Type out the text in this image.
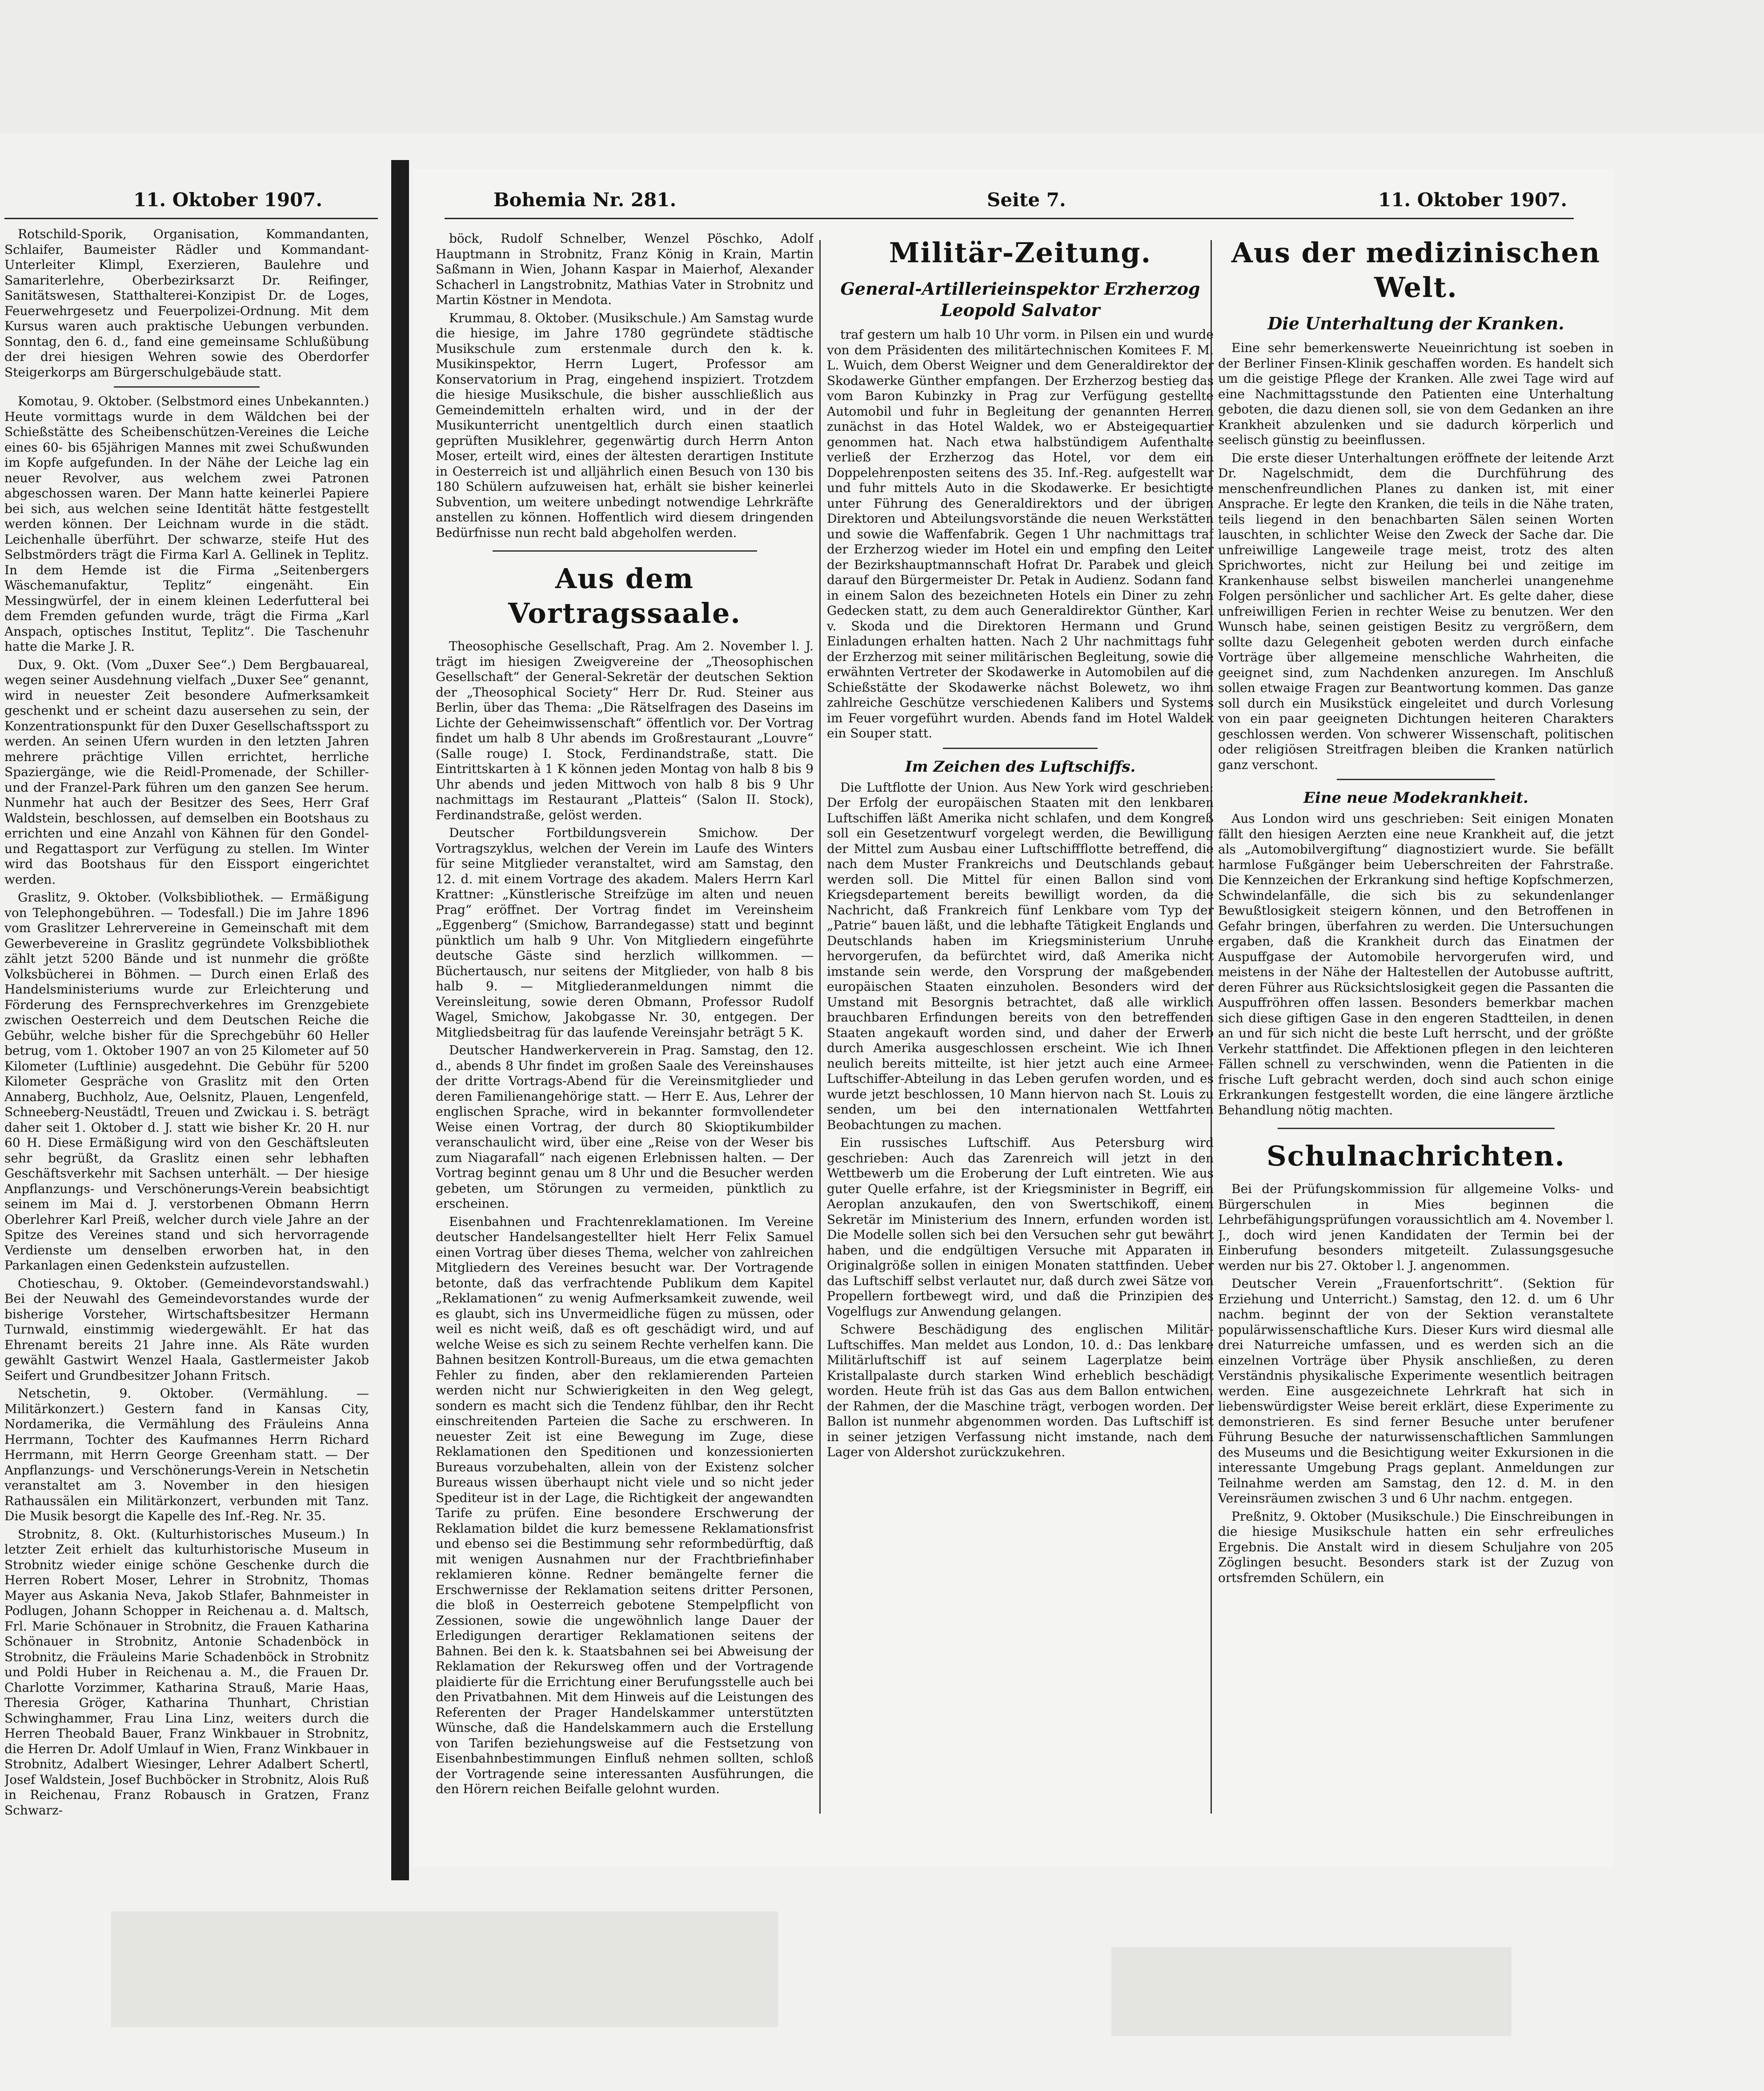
11. Oktober 1907.

Rotschild-Sporik, Organisation, Kommandanten, Schlaifer, Baumeister Rädler und Kommandant-Unterleiter Klimpl, Exerzieren, Baulehre und Samariterlehre, Oberbezirksarzt Dr. Reifinger, Sanitätswesen, Statthalterei-Konzipist Dr. de Loges, Feuerwehrgesetz und Feuerpolizei-Ordnung. Mit dem Kursus waren auch praktische Uebungen verbunden. Sonntag, den 6. d., fand eine gemeinsame Schlußübung der drei hiesigen Wehren sowie des Oberdorfer Steigerkorps am Bürgerschulgebäude statt.

Komotau, 9. Oktober. (Selbstmord eines Unbekannten.) Heute vormittags wurde in dem Wäldchen bei der Schießstätte des Scheibenschützen-Vereines die Leiche eines 60- bis 65jährigen Mannes mit zwei Schußwunden im Kopfe aufgefunden. In der Nähe der Leiche lag ein neuer Revolver, aus welchem zwei Patronen abgeschossen waren. Der Mann hatte keinerlei Papiere bei sich, aus welchen seine Identität hätte festgestellt werden können. Der Leichnam wurde in die städt. Leichenhalle überführt. Der schwarze, steife Hut des Selbstmörders trägt die Firma Karl A. Gellinek in Teplitz. In dem Hemde ist die Firma „Seitenbergers Wäschemanufaktur, Teplitz“ eingenäht. Ein Messingwürfel, der in einem kleinen Lederfutteral bei dem Fremden gefunden wurde, trägt die Firma „Karl Anspach, optisches Institut, Teplitz“. Die Taschenuhr hatte die Marke J. R.

Dux, 9. Okt. (Vom „Duxer See“.) Dem Bergbauareal, wegen seiner Ausdehnung vielfach „Duxer See“ genannt, wird in neuester Zeit besondere Aufmerksamkeit geschenkt und er scheint dazu ausersehen zu sein, der Konzentrationspunkt für den Duxer Gesellschaftssport zu werden. An seinen Ufern wurden in den letzten Jahren mehrere prächtige Villen errichtet, herrliche Spaziergänge, wie die Reidl-Promenade, der Schiller- und der Franzel-Park führen um den ganzen See herum. Nunmehr hat auch der Besitzer des Sees, Herr Graf Waldstein, beschlossen, auf demselben ein Bootshaus zu errichten und eine Anzahl von Kähnen für den Gondel- und Regattasport zur Verfügung zu stellen. Im Winter wird das Bootshaus für den Eissport eingerichtet werden.

Graslitz, 9. Oktober. (Volksbibliothek. — Ermäßigung von Telephongebühren. — Todesfall.) Die im Jahre 1896 vom Graslitzer Lehrervereine in Gemeinschaft mit dem Gewerbevereine in Graslitz gegründete Volksbibliothek zählt jetzt 5200 Bände und ist nunmehr die größte Volksbücherei in Böhmen. — Durch einen Erlaß des Handelsministeriums wurde zur Erleichterung und Förderung des Fernsprechverkehres im Grenzgebiete zwischen Oesterreich und dem Deutschen Reiche die Gebühr, welche bisher für die Sprechgebühr 60 Heller betrug, vom 1. Oktober 1907 an von 25 Kilometer auf 50 Kilometer (Luftlinie) ausgedehnt. Die Gebühr für 5200 Kilometer Gespräche von Graslitz mit den Orten Annaberg, Buchholz, Aue, Oelsnitz, Plauen, Lengenfeld, Schneeberg-Neustädtl, Treuen und Zwickau i. S. beträgt daher seit 1. Oktober d. J. statt wie bisher Kr. 20 H. nur 60 H. Diese Ermäßigung wird von den Geschäftsleuten sehr begrüßt, da Graslitz einen sehr lebhaften Geschäftsverkehr mit Sachsen unterhält. — Der hiesige Anpflanzungs- und Verschönerungs-Verein beabsichtigt seinem im Mai d. J. verstorbenen Obmann Herrn Oberlehrer Karl Preiß, welcher durch viele Jahre an der Spitze des Vereines stand und sich hervorragende Verdienste um denselben erworben hat, in den Parkanlagen einen Gedenkstein aufzustellen.

Chotieschau, 9. Oktober. (Gemeindevorstandswahl.) Bei der Neuwahl des Gemeindevorstandes wurde der bisherige Vorsteher, Wirtschaftsbesitzer Hermann Turnwald, einstimmig wiedergewählt. Er hat das Ehrenamt bereits 21 Jahre inne. Als Räte wurden gewählt Gastwirt Wenzel Haala, Gastlermeister Jakob Seifert und Grundbesitzer Johann Fritsch.

Netschetin, 9. Oktober. (Vermählung. — Militärkonzert.) Gestern fand in Kansas City, Nordamerika, die Vermählung des Fräuleins Anna Herrmann, Tochter des Kaufmannes Herrn Richard Herrmann, mit Herrn George Greenham statt. — Der Anpflanzungs- und Verschönerungs-Verein in Netschetin veranstaltet am 3. November in den hiesigen Rathaussälen ein Militärkonzert, verbunden mit Tanz. Die Musik besorgt die Kapelle des Inf.-Reg. Nr. 35.

Strobnitz, 8. Okt. (Kulturhistorisches Museum.) In letzter Zeit erhielt das kulturhistorische Museum in Strobnitz wieder einige schöne Geschenke durch die Herren Robert Moser, Lehrer in Strobnitz, Thomas Mayer aus Askania Neva, Jakob Stlafer, Bahnmeister in Podlugen, Johann Schopper in Reichenau a. d. Maltsch, Frl. Marie Schönauer in Strobnitz, die Frauen Katharina Schönauer in Strobnitz, Antonie Schadenböck in Strobnitz, die Fräuleins Marie Schadenböck in Strobnitz und Poldi Huber in Reichenau a. M., die Frauen Dr. Charlotte Vorzimmer, Katharina Strauß, Marie Haas, Theresia Gröger, Katharina Thunhart, Christian Schwinghammer, Frau Lina Linz, weiters durch die Herren Theobald Bauer, Franz Winkbauer in Strobnitz, die Herren Dr. Adolf Umlauf in Wien, Franz Winkbauer in Strobnitz, Adalbert Wiesinger, Lehrer Adalbert Schertl, Josef Waldstein, Josef Buchböcker in Strobnitz, Alois Ruß in Reichenau, Franz Robausch in Gratzen, Franz Schwarz-

Bohemia Nr. 281.	Seite 7.	11. Oktober 1907.

böck, Rudolf Schnelber, Wenzel Pöschko, Adolf Hauptmann in Strobnitz, Franz König in Krain, Martin Saßmann in Wien, Johann Kaspar in Maierhof, Alexander Schacherl in Langstrobnitz, Mathias Vater in Strobnitz und Martin Köstner in Mendota.

Krummau, 8. Oktober. (Musikschule.) Am Samstag wurde die hiesige, im Jahre 1780 gegründete städtische Musikschule zum erstenmale durch den k. k. Musikinspektor, Herrn Lugert, Professor am Konservatorium in Prag, eingehend inspiziert. Trotzdem die hiesige Musikschule, die bisher ausschließlich aus Gemeindemitteln erhalten wird, und in der der Musikunterricht unentgeltlich durch einen staatlich geprüften Musiklehrer, gegenwärtig durch Herrn Anton Moser, erteilt wird, eines der ältesten derartigen Institute in Oesterreich ist und alljährlich einen Besuch von 130 bis 180 Schülern aufzuweisen hat, erhält sie bisher keinerlei Subvention, um weitere unbedingt notwendige Lehrkräfte anstellen zu können. Hoffentlich wird diesem dringenden Bedürfnisse nun recht bald abgeholfen werden.

Aus dem Vortragssaale.

Theosophische Gesellschaft, Prag. Am 2. November l. J. trägt im hiesigen Zweigvereine der „Theosophischen Gesellschaft“ der General-Sekretär der deutschen Sektion der „Theosophical Society“ Herr Dr. Rud. Steiner aus Berlin, über das Thema: „Die Rätselfragen des Daseins im Lichte der Geheimwissenschaft“ öffentlich vor. Der Vortrag findet um halb 8 Uhr abends im Großrestaurant „Louvre“ (Salle rouge) I. Stock, Ferdinandstraße, statt. Die Eintrittskarten à 1 K können jeden Montag von halb 8 bis 9 Uhr abends und jeden Mittwoch von halb 8 bis 9 Uhr nachmittags im Restaurant „Platteis“ (Salon II. Stock), Ferdinandstraße, gelöst werden.

Deutscher Fortbildungsverein Smichow. Der Vortragszyklus, welchen der Verein im Laufe des Winters für seine Mitglieder veranstaltet, wird am Samstag, den 12. d. mit einem Vortrage des akadem. Malers Herrn Karl Krattner: „Künstlerische Streifzüge im alten und neuen Prag“ eröffnet. Der Vortrag findet im Vereinsheim „Eggenberg“ (Smichow, Barrandegasse) statt und beginnt pünktlich um halb 9 Uhr. Von Mitgliedern eingeführte deutsche Gäste sind herzlich willkommen. — Büchertausch, nur seitens der Mitglieder, von halb 8 bis halb 9. — Mitgliederanmeldungen nimmt die Vereinsleitung, sowie deren Obmann, Professor Rudolf Wagel, Smichow, Jakobgasse Nr. 30, entgegen. Der Mitgliedsbeitrag für das laufende Vereinsjahr beträgt 5 K.

Deutscher Handwerkerverein in Prag. Samstag, den 12. d., abends 8 Uhr findet im großen Saale des Vereinshauses der dritte Vortrags-Abend für die Vereinsmitglieder und deren Familienangehörige statt. — Herr E. Aus, Lehrer der englischen Sprache, wird in bekannter formvollendeter Weise einen Vortrag, der durch 80 Skioptikumbilder veranschaulicht wird, über eine „Reise von der Weser bis zum Niagarafall“ nach eigenen Erlebnissen halten. — Der Vortrag beginnt genau um 8 Uhr und die Besucher werden gebeten, um Störungen zu vermeiden, pünktlich zu erscheinen.

Eisenbahnen und Frachtenreklamationen. Im Vereine deutscher Handelsangestellter hielt Herr Felix Samuel einen Vortrag über dieses Thema, welcher von zahlreichen Mitgliedern des Vereines besucht war. Der Vortragende betonte, daß das verfrachtende Publikum dem Kapitel „Reklamationen“ zu wenig Aufmerksamkeit zuwende, weil es glaubt, sich ins Unvermeidliche fügen zu müssen, oder weil es nicht weiß, daß es oft geschädigt wird, und auf welche Weise es sich zu seinem Rechte verhelfen kann. Die Bahnen besitzen Kontroll-Bureaus, um die etwa gemachten Fehler zu finden, aber den reklamierenden Parteien werden nicht nur Schwierigkeiten in den Weg gelegt, sondern es macht sich die Tendenz fühlbar, den ihr Recht einschreitenden Parteien die Sache zu erschweren. In neuester Zeit ist eine Bewegung im Zuge, diese Reklamationen den Speditionen und konzessionierten Bureaus vorzubehalten, allein von der Existenz solcher Bureaus wissen überhaupt nicht viele und so nicht jeder Spediteur ist in der Lage, die Richtigkeit der angewandten Tarife zu prüfen. Eine besondere Erschwerung der Reklamation bildet die kurz bemessene Reklamationsfrist und ebenso sei die Bestimmung sehr reformbedürftig, daß mit wenigen Ausnahmen nur der Frachtbriefinhaber reklamieren könne. Redner bemängelte ferner die Erschwernisse der Reklamation seitens dritter Personen, die bloß in Oesterreich gebotene Stempelpflicht von Zessionen, sowie die ungewöhnlich lange Dauer der Erledigungen derartiger Reklamationen seitens der Bahnen. Bei den k. k. Staatsbahnen sei bei Abweisung der Reklamation der Rekursweg offen und der Vortragende plaidierte für die Errichtung einer Berufungsstelle auch bei den Privatbahnen. Mit dem Hinweis auf die Leistungen des Referenten der Prager Handelskammer unterstützten Wünsche, daß die Handelskammern auch die Erstellung von Tarifen beziehungsweise auf die Festsetzung von Eisenbahnbestimmungen Einfluß nehmen sollten, schloß der Vortragende seine interessanten Ausführungen, die den Hörern reichen Beifalle gelohnt wurden.

Militär-Zeitung.
General-Artillerieinspektor Erzherzog Leopold Salvator

traf gestern um halb 10 Uhr vorm. in Pilsen ein und wurde von dem Präsidenten des militärtechnischen Komitees F. M. L. Wuich, dem Oberst Weigner und dem Generaldirektor der Skodawerke Günther empfangen. Der Erzherzog bestieg das vom Baron Kubinzky in Prag zur Verfügung gestellte Automobil und fuhr in Begleitung der genannten Herren zunächst in das Hotel Waldek, wo er Absteigequartier genommen hat. Nach etwa halbstündigem Aufenthalte verließ der Erzherzog das Hotel, vor dem ein Doppelehrenposten seitens des 35. Inf.-Reg. aufgestellt war und fuhr mittels Auto in die Skodawerke. Er besichtigte unter Führung des Generaldirektors und der übrigen Direktoren und Abteilungsvorstände die neuen Werkstätten und sowie die Waffenfabrik. Gegen 1 Uhr nachmittags traf der Erzherzog wieder im Hotel ein und empfing den Leiter der Bezirkshauptmannschaft Hofrat Dr. Parabek und gleich darauf den Bürgermeister Dr. Petak in Audienz. Sodann fand in einem Salon des bezeichneten Hotels ein Diner zu zehn Gedecken statt, zu dem auch Generaldirektor Günther, Karl v. Skoda und die Direktoren Hermann und Grund Einladungen erhalten hatten. Nach 2 Uhr nachmittags fuhr der Erzherzog mit seiner militärischen Begleitung, sowie die erwähnten Vertreter der Skodawerke in Automobilen auf die Schießstätte der Skodawerke nächst Bolewetz, wo ihm zahlreiche Geschütze verschiedenen Kalibers und Systems im Feuer vorgeführt wurden. Abends fand im Hotel Waldek ein Souper statt.

Im Zeichen des Luftschiffs.

Die Luftflotte der Union. Aus New York wird geschrieben: Der Erfolg der europäischen Staaten mit den lenkbaren Luftschiffen läßt Amerika nicht schlafen, und dem Kongreß soll ein Gesetzentwurf vorgelegt werden, die Bewilligung der Mittel zum Ausbau einer Luftschiffflotte betreffend, die nach dem Muster Frankreichs und Deutschlands gebaut werden soll. Die Mittel für einen Ballon sind vom Kriegsdepartement bereits bewilligt worden, da die Nachricht, daß Frankreich fünf Lenkbare vom Typ der „Patrie“ bauen läßt, und die lebhafte Tätigkeit Englands und Deutschlands haben im Kriegsministerium Unruhe hervorgerufen, da befürchtet wird, daß Amerika nicht imstande sein werde, den Vorsprung der maßgebenden europäischen Staaten einzuholen. Besonders wird der Umstand mit Besorgnis betrachtet, daß alle wirklich brauchbaren Erfindungen bereits von den betreffenden Staaten angekauft worden sind, und daher der Erwerb durch Amerika ausgeschlossen erscheint. Wie ich Ihnen neulich bereits mitteilte, ist hier jetzt auch eine Armee-Luftschiffer-Abteilung in das Leben gerufen worden, und es wurde jetzt beschlossen, 10 Mann hiervon nach St. Louis zu senden, um bei den internationalen Wettfahrten Beobachtungen zu machen.

Ein russisches Luftschiff. Aus Petersburg wird geschrieben: Auch das Zarenreich will jetzt in den Wettbewerb um die Eroberung der Luft eintreten. Wie aus guter Quelle erfahre, ist der Kriegsminister in Begriff, ein Aeroplan anzukaufen, den von Swertschikoff, einem Sekretär im Ministerium des Innern, erfunden worden ist. Die Modelle sollen sich bei den Versuchen sehr gut bewährt haben, und die endgültigen Versuche mit Apparaten in Originalgröße sollen in einigen Monaten stattfinden. Ueber das Luftschiff selbst verlautet nur, daß durch zwei Sätze von Propellern fortbewegt wird, und daß die Prinzipien des Vogelflugs zur Anwendung gelangen.

Schwere Beschädigung des englischen Militär-Luftschiffes. Man meldet aus London, 10. d.: Das lenkbare Militärluftschiff ist auf seinem Lagerplatze beim Kristallpalaste durch starken Wind erheblich beschädigt worden. Heute früh ist das Gas aus dem Ballon entwichen, der Rahmen, der die Maschine trägt, verbogen worden. Der Ballon ist nunmehr abgenommen worden. Das Luftschiff ist in seiner jetzigen Verfassung nicht imstande, nach dem Lager von Aldershot zurückzukehren.

Aus der medizinischen Welt.
Die Unterhaltung der Kranken.

Eine sehr bemerkenswerte Neueinrichtung ist soeben in der Berliner Finsen-Klinik geschaffen worden. Es handelt sich um die geistige Pflege der Kranken. Alle zwei Tage wird auf eine Nachmittagsstunde den Patienten eine Unterhaltung geboten, die dazu dienen soll, sie von dem Gedanken an ihre Krankheit abzulenken und sie dadurch körperlich und seelisch günstig zu beeinflussen.

Die erste dieser Unterhaltungen eröffnete der leitende Arzt Dr. Nagelschmidt, dem die Durchführung des menschenfreundlichen Planes zu danken ist, mit einer Ansprache. Er legte den Kranken, die teils in die Nähe traten, teils liegend in den benachbarten Sälen seinen Worten lauschten, in schlichter Weise den Zweck der Sache dar. Die unfreiwillige Langeweile trage meist, trotz des alten Sprichwortes, nicht zur Heilung bei und zeitige im Krankenhause selbst bisweilen mancherlei unangenehme Folgen persönlicher und sachlicher Art. Es gelte daher, diese unfreiwilligen Ferien in rechter Weise zu benutzen. Wer den Wunsch habe, seinen geistigen Besitz zu vergrößern, dem sollte dazu Gelegenheit geboten werden durch einfache Vorträge über allgemeine menschliche Wahrheiten, die geeignet sind, zum Nachdenken anzuregen. Im Anschluß sollen etwaige Fragen zur Beantwortung kommen. Das ganze soll durch ein Musikstück eingeleitet und durch Vorlesung von ein paar geeigneten Dichtungen heiteren Charakters geschlossen werden. Von schwerer Wissenschaft, politischen oder religiösen Streitfragen bleiben die Kranken natürlich ganz verschont.

Eine neue Modekrankheit.

Aus London wird uns geschrieben: Seit einigen Monaten fällt den hiesigen Aerzten eine neue Krankheit auf, die jetzt als „Automobilvergiftung“ diagnostiziert wurde. Sie befällt harmlose Fußgänger beim Ueberschreiten der Fahrstraße. Die Kennzeichen der Erkrankung sind heftige Kopfschmerzen, Schwindelanfälle, die sich bis zu sekundenlanger Bewußtlosigkeit steigern können, und den Betroffenen in Gefahr bringen, überfahren zu werden. Die Untersuchungen ergaben, daß die Krankheit durch das Einatmen der Auspuffgase der Automobile hervorgerufen wird, und meistens in der Nähe der Haltestellen der Autobusse auftritt, deren Führer aus Rücksichtslosigkeit gegen die Passanten die Auspuffröhren offen lassen. Besonders bemerkbar machen sich diese giftigen Gase in den engeren Stadtteilen, in denen an und für sich nicht die beste Luft herrscht, und der größte Verkehr stattfindet. Die Affektionen pflegen in den leichteren Fällen schnell zu verschwinden, wenn die Patienten in die frische Luft gebracht werden, doch sind auch schon einige Erkrankungen festgestellt worden, die eine längere ärztliche Behandlung nötig machten.

Schulnachrichten.

Bei der Prüfungskommission für allgemeine Volks- und Bürgerschulen in Mies beginnen die Lehrbefähigungsprüfungen voraussichtlich am 4. November l. J., doch wird jenen Kandidaten der Termin bei der Einberufung besonders mitgeteilt. Zulassungsgesuche werden nur bis 27. Oktober l. J. angenommen.

Deutscher Verein „Frauenfortschritt“. (Sektion für Erziehung und Unterricht.) Samstag, den 12. d. um 6 Uhr nachm. beginnt der von der Sektion veranstaltete populärwissenschaftliche Kurs. Dieser Kurs wird diesmal alle drei Naturreiche umfassen, und es werden sich an die einzelnen Vorträge über Physik anschließen, zu deren Verständnis physikalische Experimente wesentlich beitragen werden. Eine ausgezeichnete Lehrkraft hat sich in liebenswürdigster Weise bereit erklärt, diese Experimente zu demonstrieren. Es sind ferner Besuche unter berufener Führung Besuche der naturwissenschaftlichen Sammlungen des Museums und die Besichtigung weiter Exkursionen in die interessante Umgebung Prags geplant. Anmeldungen zur Teilnahme werden am Samstag, den 12. d. M. in den Vereinsräumen zwischen 3 und 6 Uhr nachm. entgegen.

Preßnitz, 9. Oktober (Musikschule.) Die Einschreibungen in die hiesige Musikschule hatten ein sehr erfreuliches Ergebnis. Die Anstalt wird in diesem Schuljahre von 205 Zöglingen besucht. Besonders stark ist der Zuzug von ortsfremden Schülern, ein
